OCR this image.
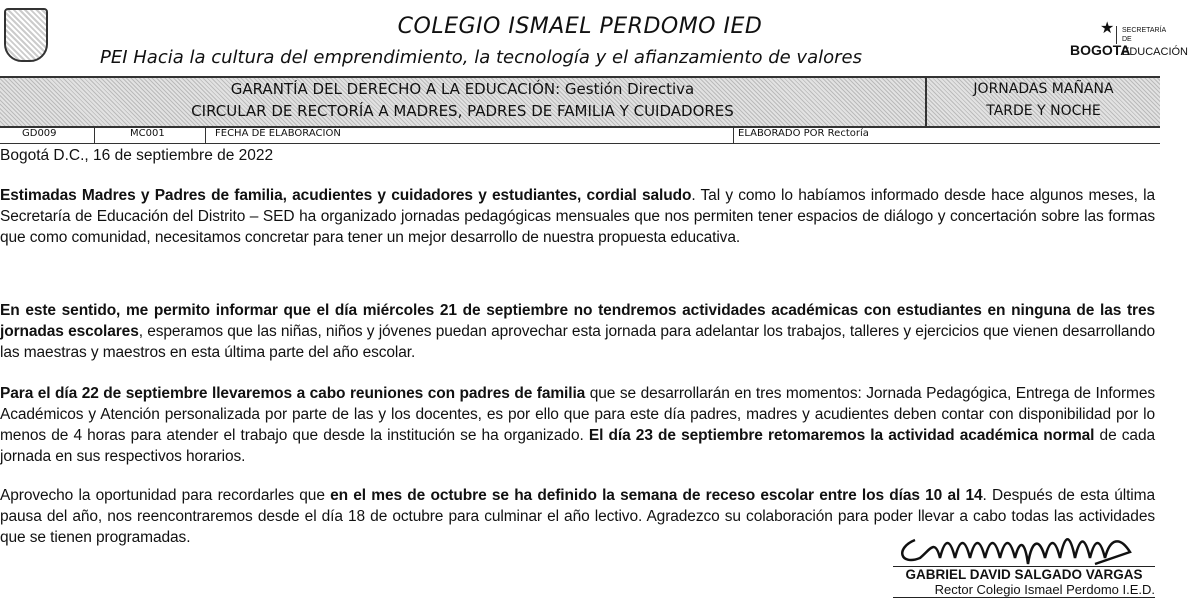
COLEGIO ISMAEL PERDOMO IED
PEI Hacia la cultura del emprendimiento, la tecnología y el afianzamiento de valores
★
BOGOTA
SECRETARÍA DE
EDUCACIÓN
GARANTÍA DEL DERECHO A LA EDUCACIÓN: Gestión Directiva
CIRCULAR DE RECTORÍA A MADRES, PADRES DE FAMILIA Y CUIDADORES
JORNADAS MAÑANA
TARDE Y NOCHE
GD009	MC001	FECHA DE ELABORACIÓN	ELABORADO POR Rectoría
Bogotá D.C., 16 de septiembre de 2022
Estimadas Madres y Padres de familia, acudientes y cuidadores y estudiantes, cordial saludo. Tal y como lo habíamos informado desde hace algunos meses, la Secretaría de Educación del Distrito – SED ha organizado jornadas pedagógicas mensuales que nos permiten tener espacios de diálogo y concertación sobre las formas que como comunidad, necesitamos concretar para tener un mejor desarrollo de nuestra propuesta educativa.
En este sentido, me permito informar que el día miércoles 21 de septiembre no tendremos actividades académicas con estudiantes en ninguna de las tres jornadas escolares, esperamos que las niñas, niños y jóvenes puedan aprovechar esta jornada para adelantar los trabajos, talleres y ejercicios que vienen desarrollando las maestras y maestros en esta última parte del año escolar.
Para el día 22 de septiembre llevaremos a cabo reuniones con padres de familia que se desarrollarán en tres momentos: Jornada Pedagógica, Entrega de Informes Académicos y Atención personalizada por parte de las y los docentes, es por ello que para este día padres, madres y acudientes deben contar con disponibilidad por lo menos de 4 horas para atender el trabajo que desde la institución se ha organizado. El día 23 de septiembre retomaremos la actividad académica normal de cada jornada en sus respectivos horarios.
Aprovecho la oportunidad para recordarles que en el mes de octubre se ha definido la semana de receso escolar entre los días 10 al 14. Después de esta última pausa del año, nos reencontraremos desde el día 18 de octubre para culminar el año lectivo. Agradezco su colaboración para poder llevar a cabo todas las actividades que se tienen programadas.
GABRIEL DAVID SALGADO VARGAS
Rector Colegio Ismael Perdomo I.E.D.
